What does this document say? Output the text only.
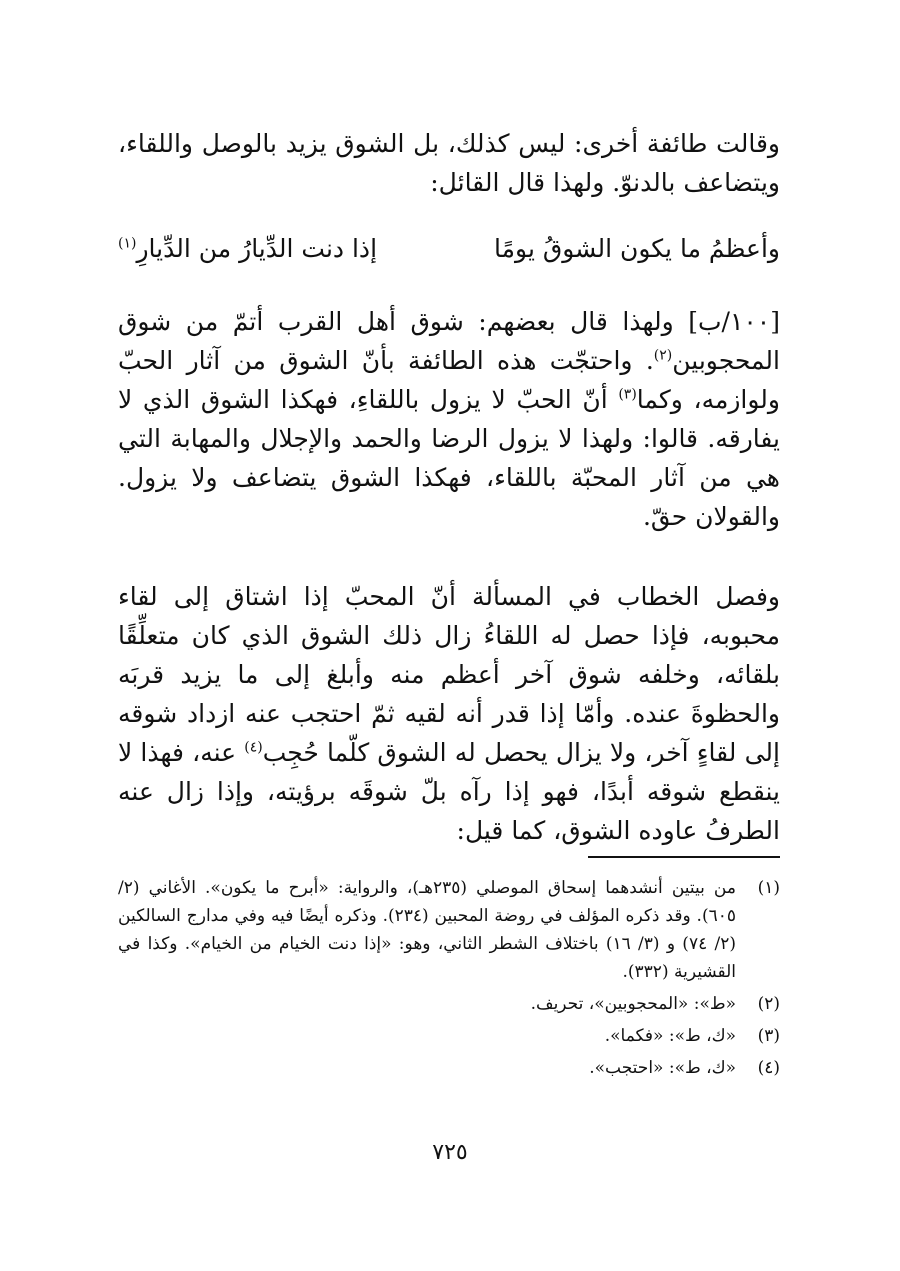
وقالت طائفة أخرى: ليس كذلك، بل الشوق يزيد بالوصل واللقاء، ويتضاعف بالدنوّ. ولهذا قال القائل:

وأعظمُ ما يكون الشوقُ يومًا
إذا دنت الدِّيارُ من الدِّيارِ$^{(١)}$

[١٠٠/ب] ولهذا قال بعضهم: شوق أهل القرب أتمّ من شوق المحجوبين$^{(٢)}$. واحتجّت هذه الطائفة بأنّ الشوق من آثار الحبّ ولوازمه، وكما$^{(٣)}$ أنّ الحبّ لا يزول باللقاءِ، فهكذا الشوق الذي لا يفارقه. قالوا: ولهذا لا يزول الرضا والحمد والإجلال والمهابة التي هي من آثار المحبّة باللقاء، فهكذا الشوق يتضاعف ولا يزول. والقولان حقّ.

وفصل الخطاب في المسألة أنّ المحبّ إذا اشتاق إلى لقاء محبوبه، فإذا حصل له اللقاءُ زال ذلك الشوق الذي كان متعلِّقًا بلقائه، وخلفه شوق آخر أعظم منه وأبلغ إلى ما يزيد قربَه والحظوةَ عنده. وأمّا إذا قدر أنه لقيه ثمّ احتجب عنه ازداد شوقه إلى لقاءٍ آخر، ولا يزال يحصل له الشوق كلّما حُجِب$^{(٤)}$ عنه، فهذا لا ينقطع شوقه أبدًا، فهو إذا رآه بلّ شوقَه برؤيته، وإذا زال عنه الطرفُ عاوده الشوق، كما قيل:

(١)
من بيتين أنشدهما إسحاق الموصلي (٢٣٥هـ)، والرواية: «أبرح ما يكون». الأغاني (٢/ ٦٠٥). وقد ذكره المؤلف في روضة المحبين (٢٣٤). وذكره أيضًا فيه وفي مدارج السالكين (٢/ ٧٤) و (٣/ ١٦) باختلاف الشطر الثاني، وهو: «إذا دنت الخيام من الخيام». وكذا في القشيرية (٣٣٢).

(٢)
«ط»: «المحجوبين»، تحريف.

(٣)
«ك، ط»: «فكما».

(٤)
«ك، ط»: «احتجب».

٧٢٥
